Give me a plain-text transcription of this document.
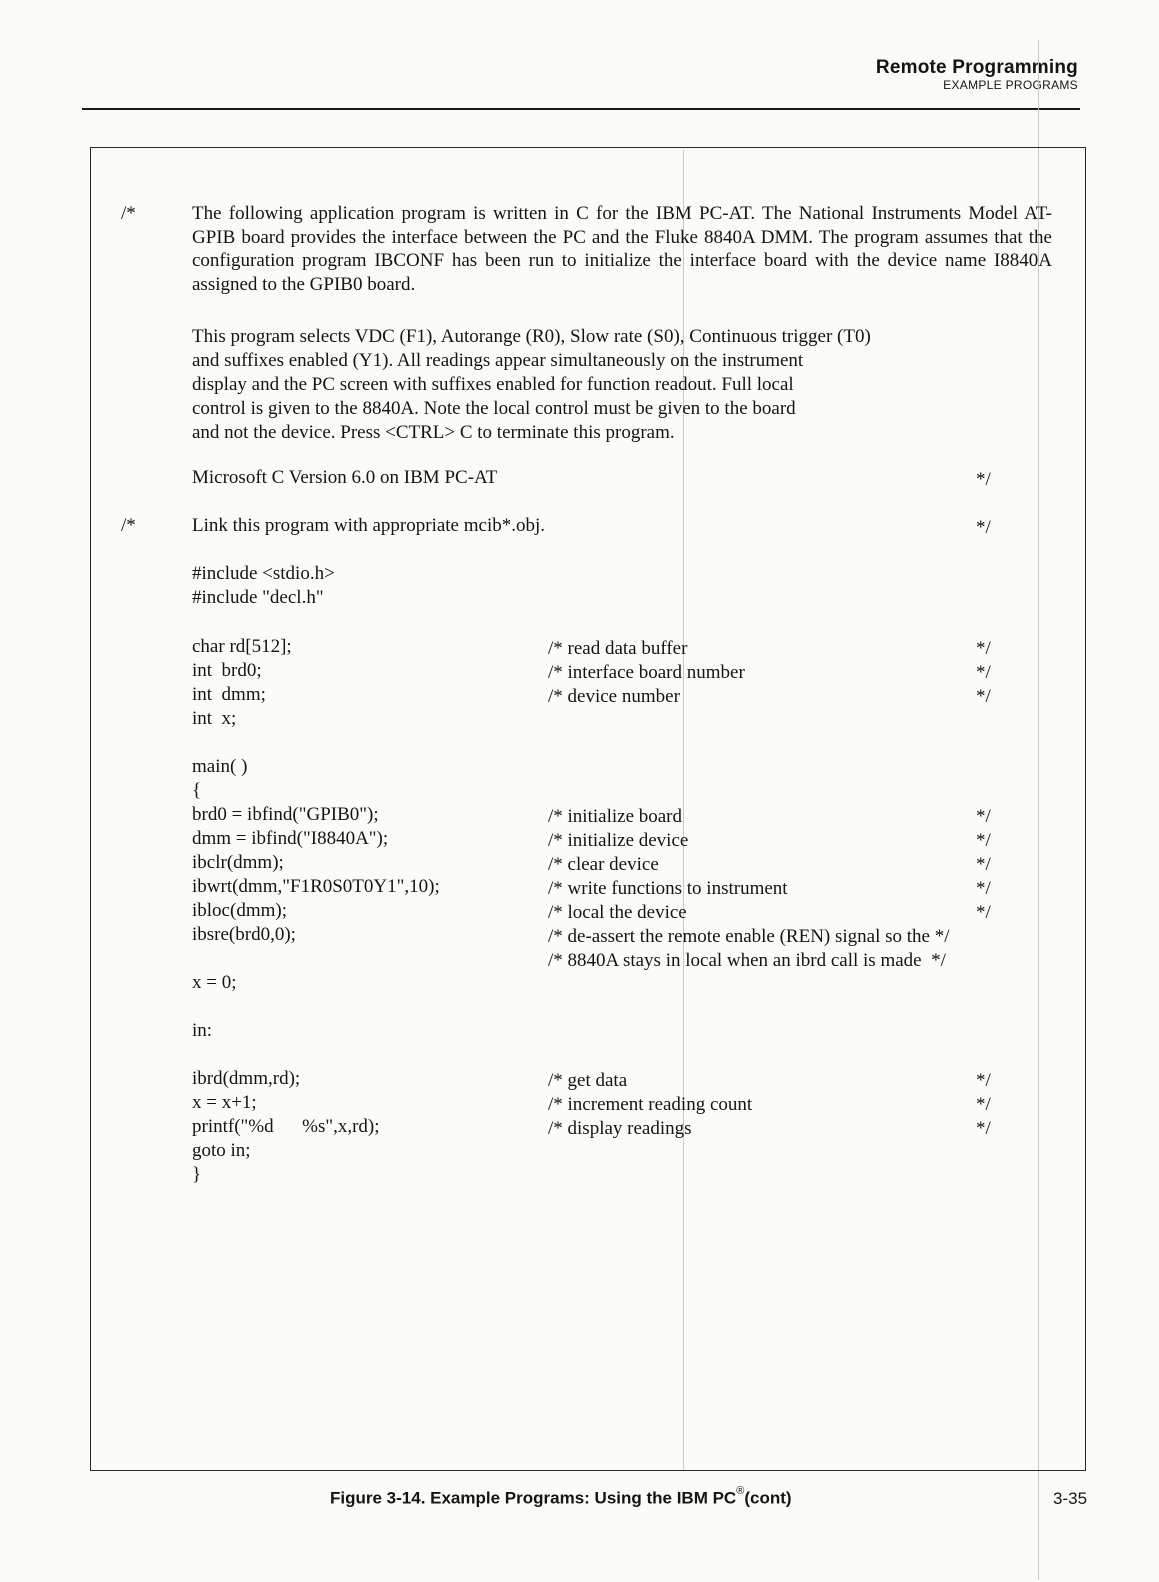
Remote Programming
EXAMPLE PROGRAMS
/*	The following application program is written in C for the IBM PC-AT. The National Instruments Model AT-GPIB board provides the interface between the PC and the Fluke 8840A DMM. The program assumes that the configuration program IBCONF has been run to initialize the interface board with the device name I8840A assigned to the GPIB0 board.
This program selects VDC (F1), Autorange (R0), Slow rate (S0), Continuous trigger (T0)
and suffixes enabled (Y1). All readings appear simultaneously on the instrument
display and the PC screen with suffixes enabled for function readout. Full local
control is given to the 8840A. Note the local control must be given to the board
and not the device. Press <CTRL> C to terminate this program.
Microsoft C Version 6.0 on IBM PC-AT	*/
/*	Link this program with appropriate mcib*.obj.	*/
#include <stdio.h>
#include "decl.h"
char rd[512];	/* read data buffer	*/
int  brd0;	/* interface board number	*/
int  dmm;	/* device number	*/
int  x;
main( )
{
brd0 = ibfind("GPIB0");	/* initialize board	*/
dmm = ibfind("I8840A");	/* initialize device	*/
ibclr(dmm);	/* clear device	*/
ibwrt(dmm,"F1R0S0T0Y1",10);	/* write functions to instrument	*/
ibloc(dmm);	/* local the device	*/
ibsre(brd0,0);	/* de-assert the remote enable (REN) signal so the */
/* 8840A stays in local when an ibrd call is made  */
x = 0;
in:
ibrd(dmm,rd);	/* get data	*/
x = x+1;	/* increment reading count	*/
printf("%d      %s",x,rd);	/* display readings	*/
goto in;
}
Figure 3-14. Example Programs: Using the IBM PC®(cont)	3-35
